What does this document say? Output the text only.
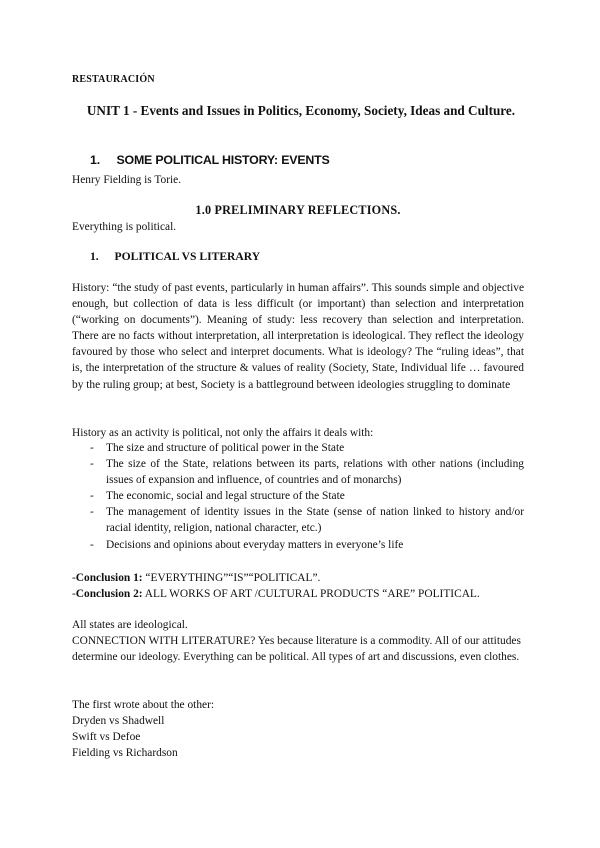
RESTAURACIÓN
UNIT 1 - Events and Issues in Politics, Economy, Society, Ideas and Culture.
1. SOME POLITICAL HISTORY: EVENTS
Henry Fielding is Torie.
1.0 PRELIMINARY REFLECTIONS.
Everything is political.
1. POLITICAL VS LITERARY
History: “the study of past events, particularly in human affairs”. This sounds simple and objective enough, but collection of data is less difficult (or important) than selection and interpretation (“working on documents”). Meaning of study: less recovery than selection and interpretation. There are no facts without interpretation, all interpretation is ideological. They reflect the ideology favoured by those who select and interpret documents. What is ideology? The “ruling ideas”, that is, the interpretation of the structure & values of reality (Society, State, Individual life … favoured by the ruling group; at best, Society is a battleground between ideologies struggling to dominate
History as an activity is political, not only the affairs it deals with:
- The size and structure of political power in the State
- The size of the State, relations between its parts, relations with other nations (including issues of expansion and influence, of countries and of monarchs)
- The economic, social and legal structure of the State
- The management of identity issues in the State (sense of nation linked to history and/or racial identity, religion, national character, etc.)
- Decisions and opinions about everyday matters in everyone’s life
-Conclusion 1: “EVERYTHING”“IS”“POLITICAL”.
-Conclusion 2: ALL WORKS OF ART /CULTURAL PRODUCTS “ARE” POLITICAL.
All states are ideological.
CONNECTION WITH LITERATURE? Yes because literature is a commodity. All of our attitudes determine our ideology. Everything can be political. All types of art and discussions, even clothes.
The first wrote about the other:
Dryden vs Shadwell
Swift vs Defoe
Fielding vs Richardson
